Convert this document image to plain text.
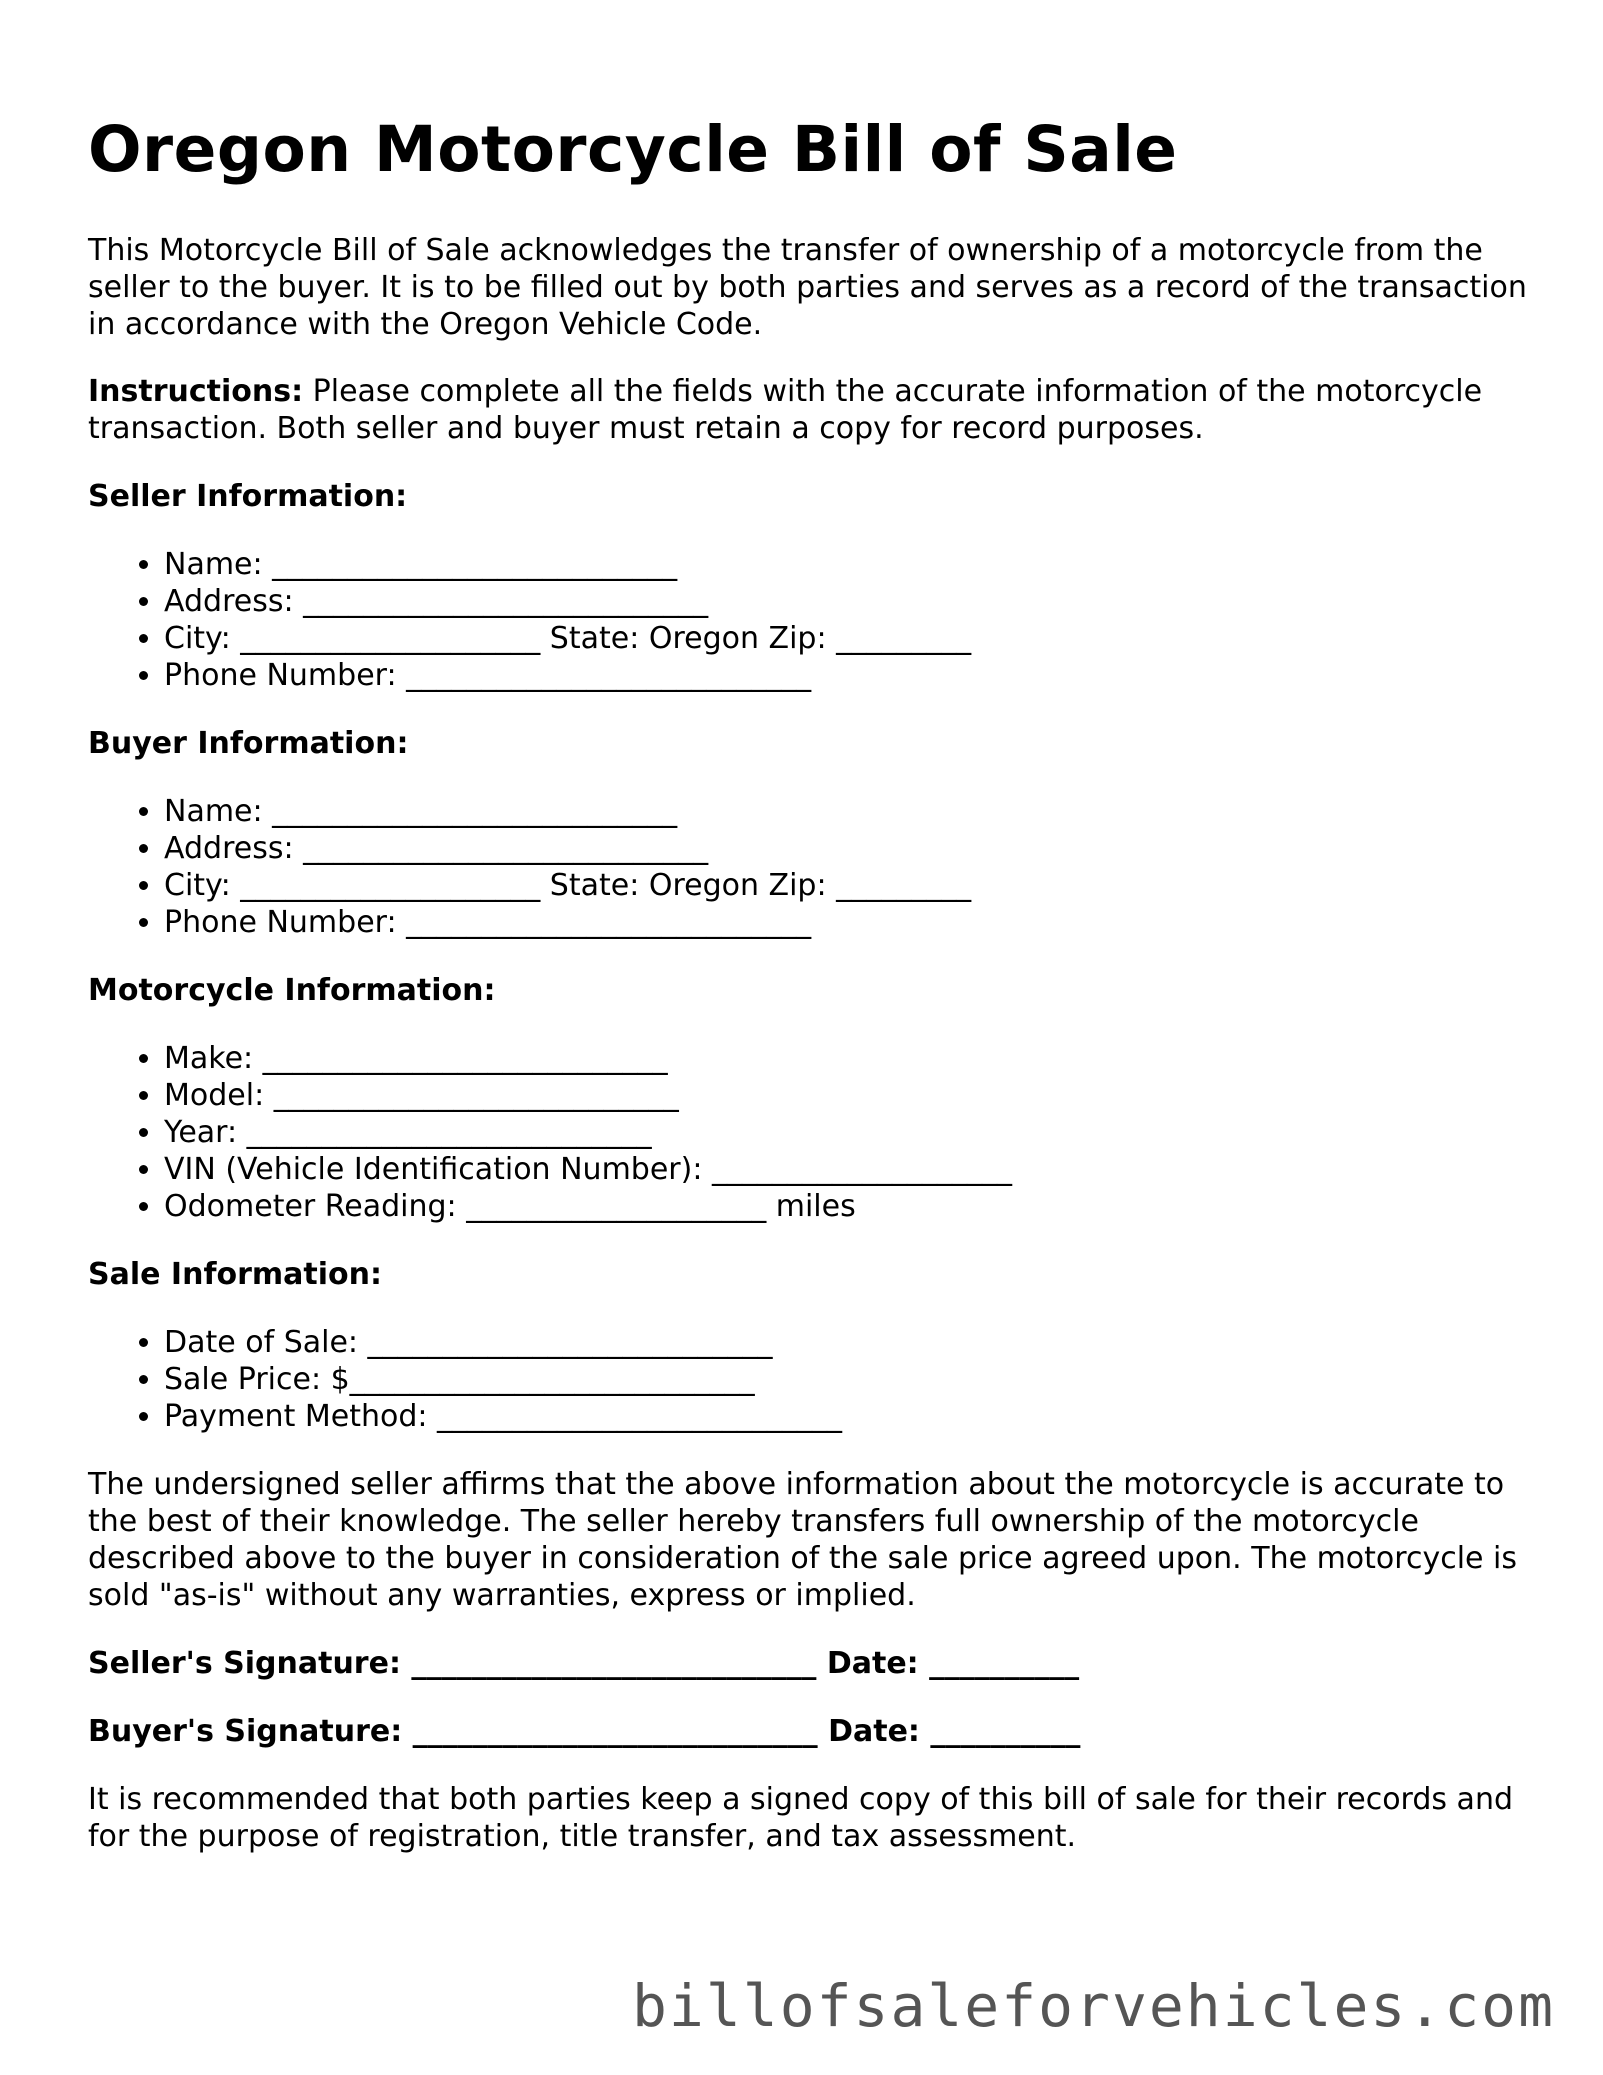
Oregon Motorcycle Bill of Sale

This Motorcycle Bill of Sale acknowledges the transfer of ownership of a motorcycle from the seller to the buyer. It is to be filled out by both parties and serves as a record of the transaction in accordance with the Oregon Vehicle Code.

Instructions: Please complete all the fields with the accurate information of the motorcycle transaction. Both seller and buyer must retain a copy for record purposes.

Seller Information:
• Name: ___________________________
• Address: ___________________________
• City: ____________________ State: Oregon Zip: _________
• Phone Number: ___________________________
Buyer Information:
• Name: ___________________________
• Address: ___________________________
• City: ____________________ State: Oregon Zip: _________
• Phone Number: ___________________________
Motorcycle Information:
• Make: ___________________________
• Model: ___________________________
• Year: ___________________________
• VIN (Vehicle Identification Number): ____________________
• Odometer Reading: ____________________ miles
Sale Information:
• Date of Sale: ___________________________
• Sale Price: $___________________________
• Payment Method: ___________________________

The undersigned seller affirms that the above information about the motorcycle is accurate to the best of their knowledge. The seller hereby transfers full ownership of the motorcycle described above to the buyer in consideration of the sale price agreed upon. The motorcycle is sold "as-is" without any warranties, express or implied.

Seller's Signature: ___________________________ Date: __________

Buyer's Signature: ___________________________ Date: __________

It is recommended that both parties keep a signed copy of this bill of sale for their records and for the purpose of registration, title transfer, and tax assessment.

billofsaleforvehicles.com
